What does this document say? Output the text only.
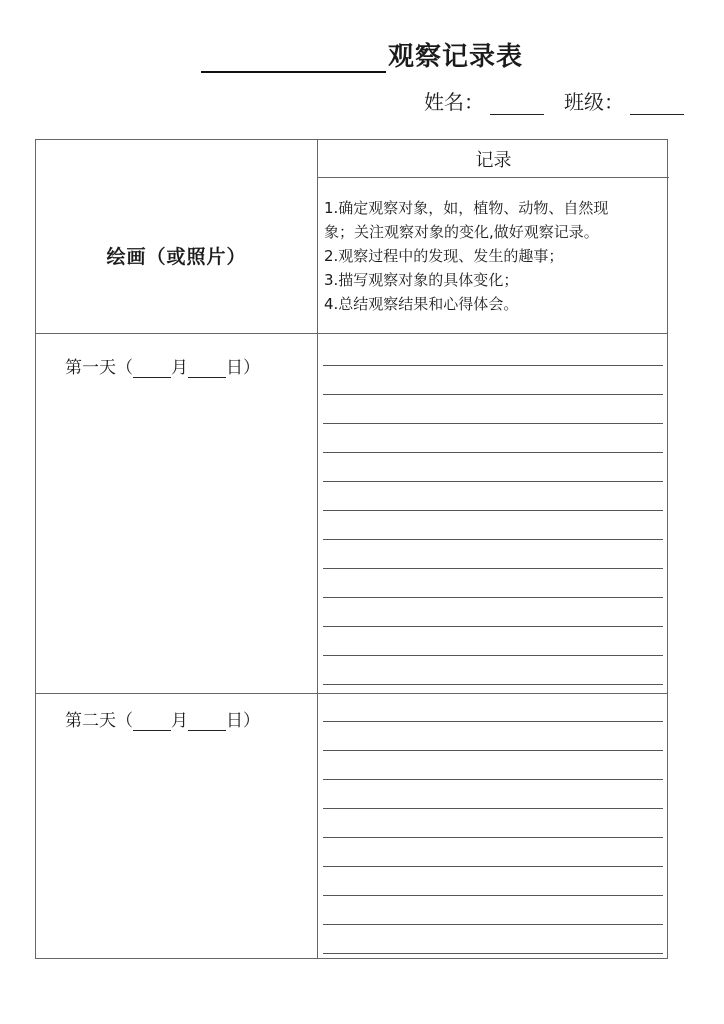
观察记录表
姓名：	班级：
绘画（或照片）
记录
1.确定观察对象，如，植物、动物、自然现
象；关注观察对象的变化,做好观察记录。
2.观察过程中的发现、发生的趣事；
3.描写观察对象的具体变化；
4.总结观察结果和心得体会。
第一天（ 月 日）
第二天（ 月 日）
